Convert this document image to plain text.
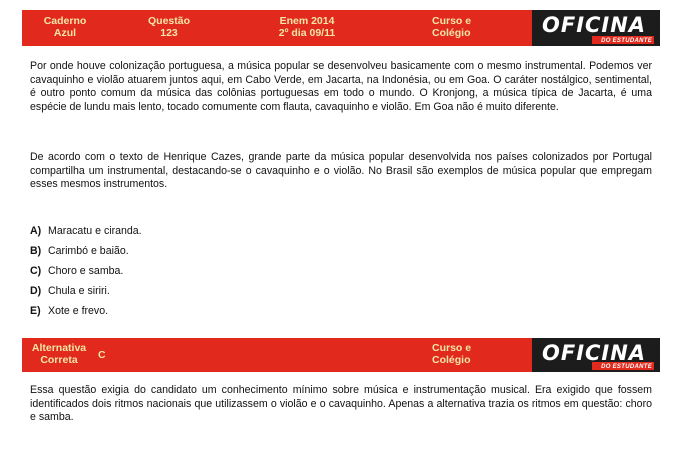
Caderno
Azul
Questão
123
Enem 2014
2º dia 09/11
Curso e
Colégio	OFICINA
DO ESTUDANTE
Por onde houve colonização portuguesa, a música popular se desenvolveu basicamente com o mesmo instrumental. Podemos ver cavaquinho e violão atuarem juntos aqui, em Cabo Verde, em Jacarta, na Indonésia, ou em Goa. O caráter nostálgico, sentimental, é outro ponto comum da música das colônias portuguesas em todo o mundo. O Kronjong, a música típica de Jacarta, é uma espécie de lundu mais lento, tocado comumente com flauta, cavaquinho e violão. Em Goa não é muito diferente.
De acordo com o texto de Henrique Cazes, grande parte da música popular desenvolvida nos países colonizados por Portugal compartilha um instrumental, destacando-se o cavaquinho e o violão. No Brasil são exemplos de música popular que empregam esses mesmos instrumentos.
A) Maracatu e ciranda.
B) Carimbó e baião.
C) Choro e samba.
D) Chula e siriri.
E) Xote e frevo.
Alternativa
Correta	C
Curso e
Colégio	OFICINA
DO ESTUDANTE
Essa questão exigia do candidato um conhecimento mínimo sobre música e instrumentação musical. Era exigido que fossem identificados dois ritmos nacionais que utilizassem o violão e o cavaquinho. Apenas a alternativa trazia os ritmos em questão: choro e samba.
